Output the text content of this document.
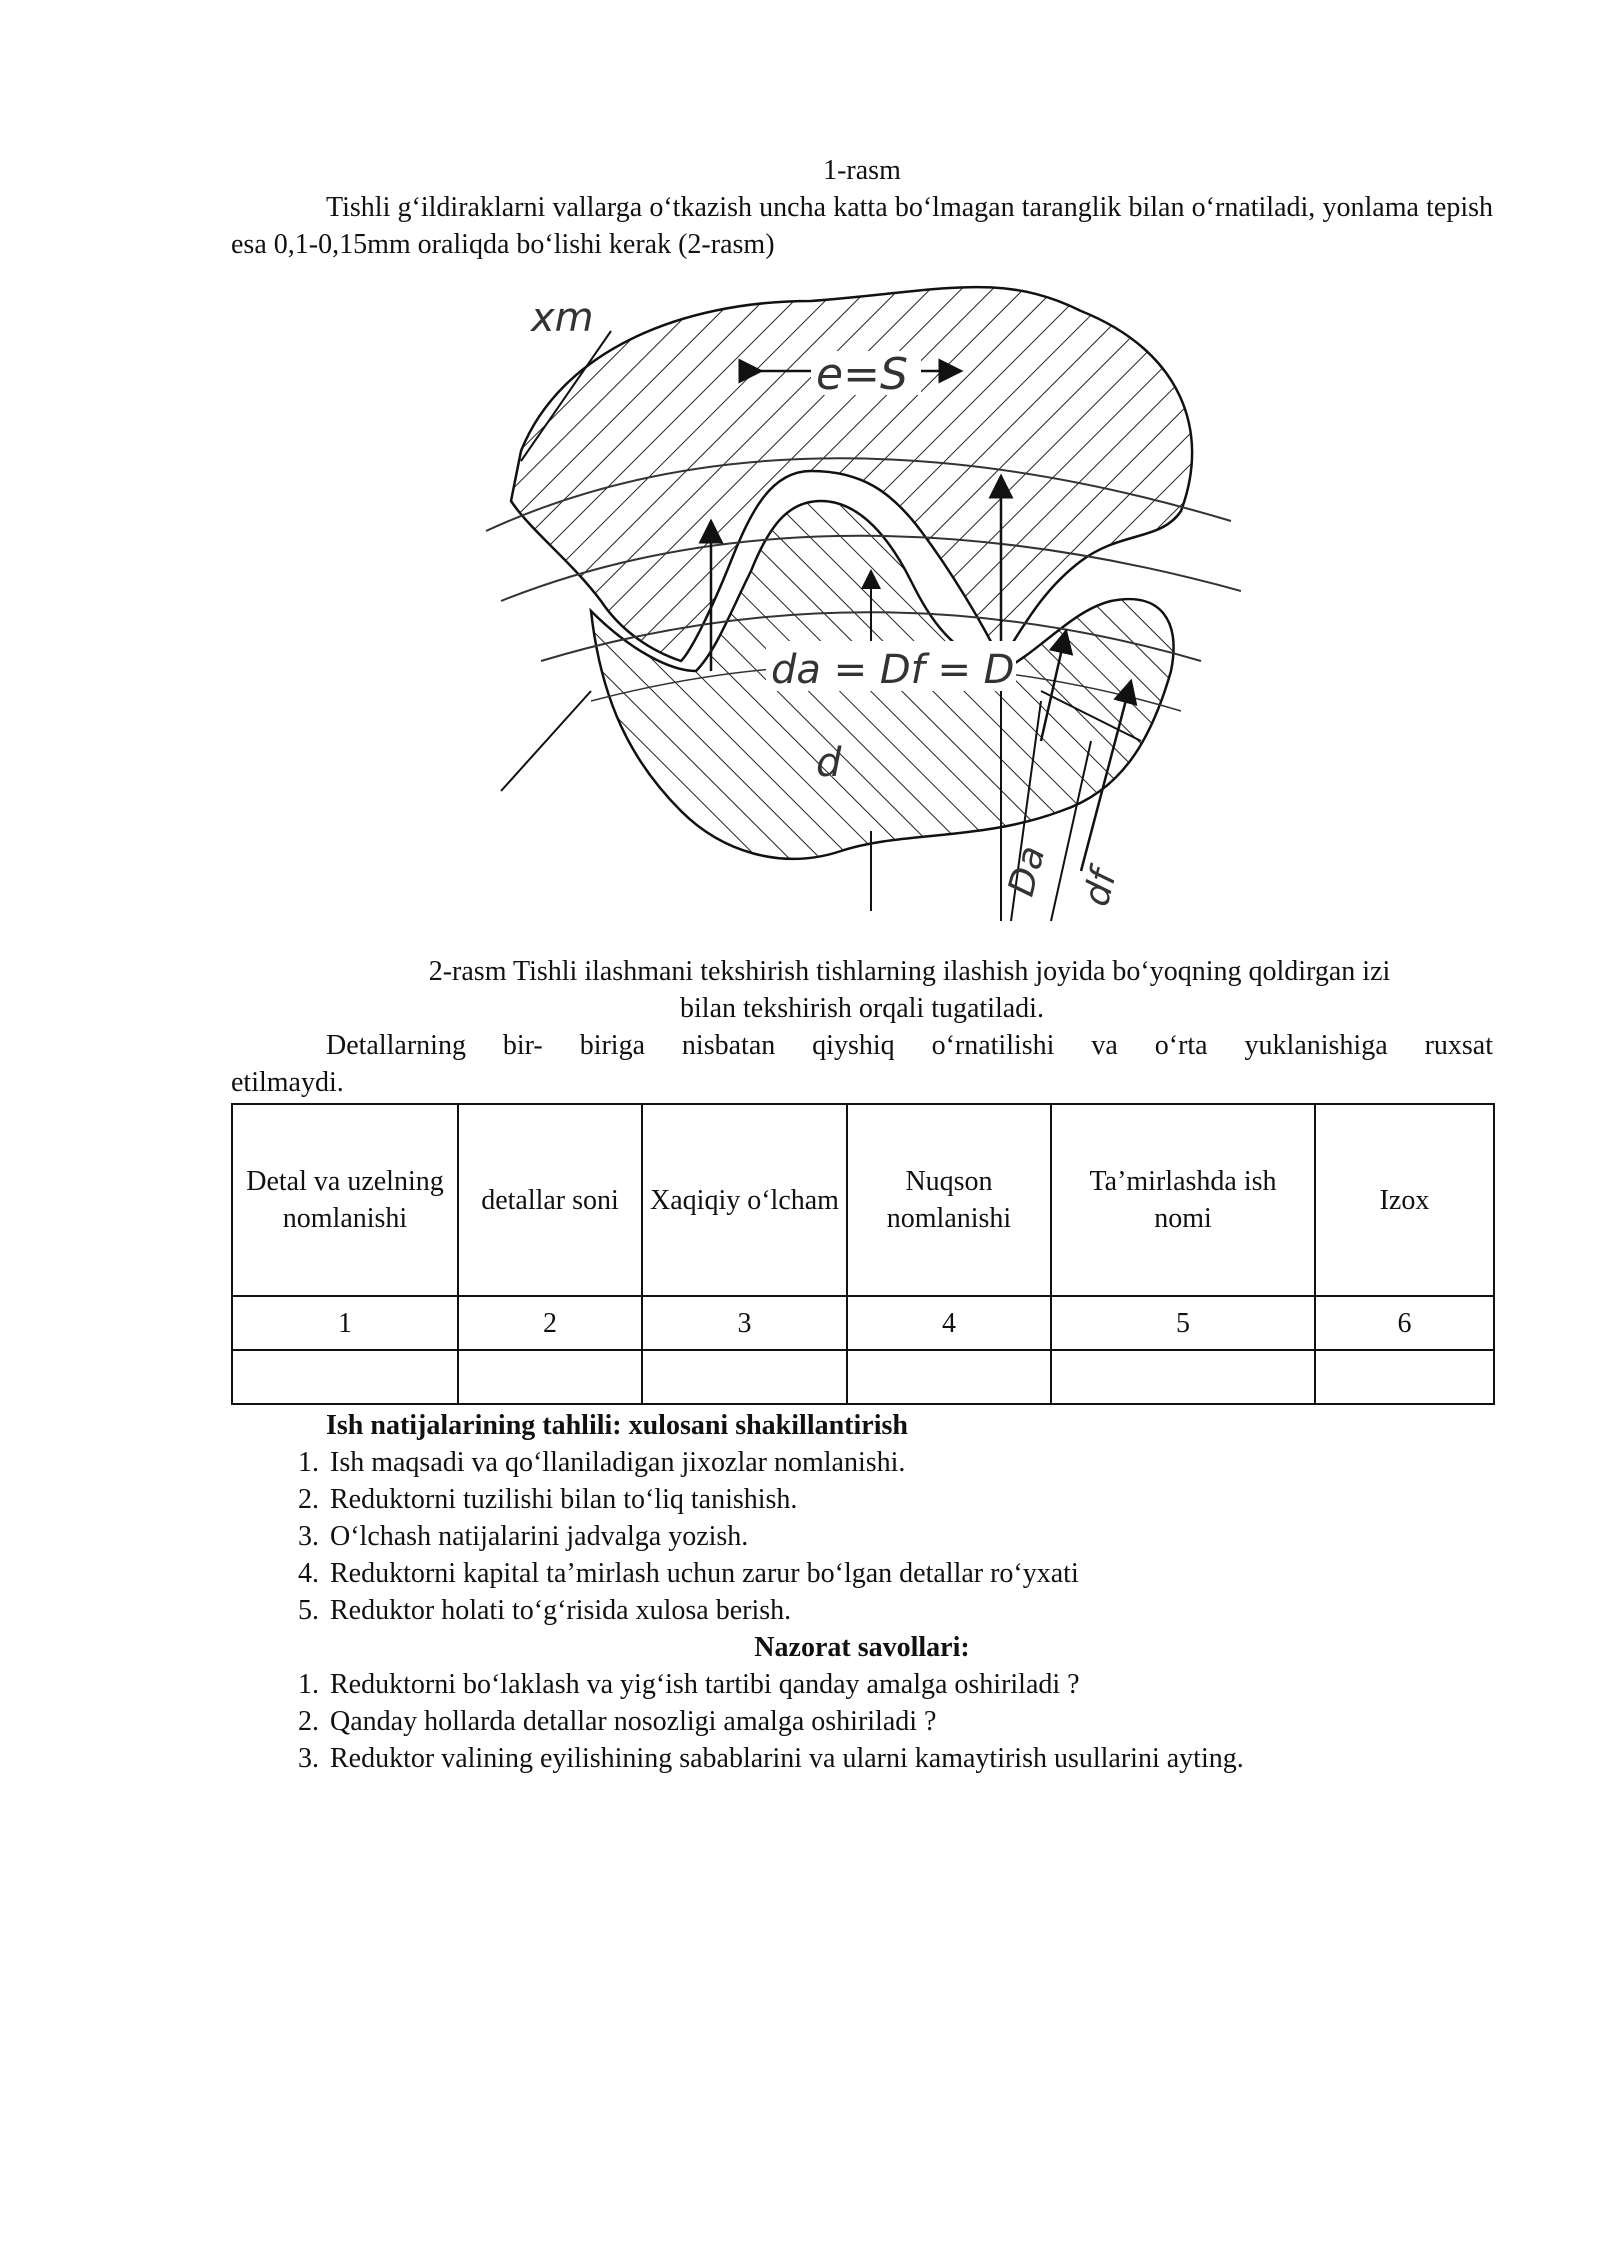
1-rasm

Tishli g‘ildiraklarni vallarga o‘tkazish uncha katta bo‘lmagan taranglik bilan o‘rnatiladi, yonlama tepish esa 0,1-0,15mm oraliqda bo‘lishi kerak (2-rasm)

xm
e=S
da = Df = D
d
Da df

2-rasm Tishli ilashmani tekshirish tishlarning ilashish joyida bo‘yoqning qoldirgan izi

bilan tekshirish orqali tugatiladi.

Detallarning bir- biriga nisbatan qiyshiq o‘rnatilishi va o‘rta yuklanishiga ruxsat

etilmaydi.

Detal va uzelning nomlanishi	detallar soni	Xaqiqiy o‘lcham	Nuqson nomlanishi	Ta’mirlashda ish nomi	Izox
1	2	3	4	5	6

Ish natijalarining tahlili: xulosani shakillantirish

1. Ish maqsadi va qo‘llaniladigan jixozlar nomlanishi.
2. Reduktorni tuzilishi bilan to‘liq tanishish.
3. O‘lchash natijalarini jadvalga yozish.
4. Reduktorni kapital ta’mirlash uchun zarur bo‘lgan detallar ro‘yxati
5. Reduktor holati to‘g‘risida xulosa berish.

Nazorat savollari:

1. Reduktorni bo‘laklash va yig‘ish tartibi qanday amalga oshiriladi ?
2. Qanday hollarda detallar nosozligi amalga oshiriladi ?
3. Reduktor valining eyilishining sabablarini va ularni kamaytirish usullarini ayting.
